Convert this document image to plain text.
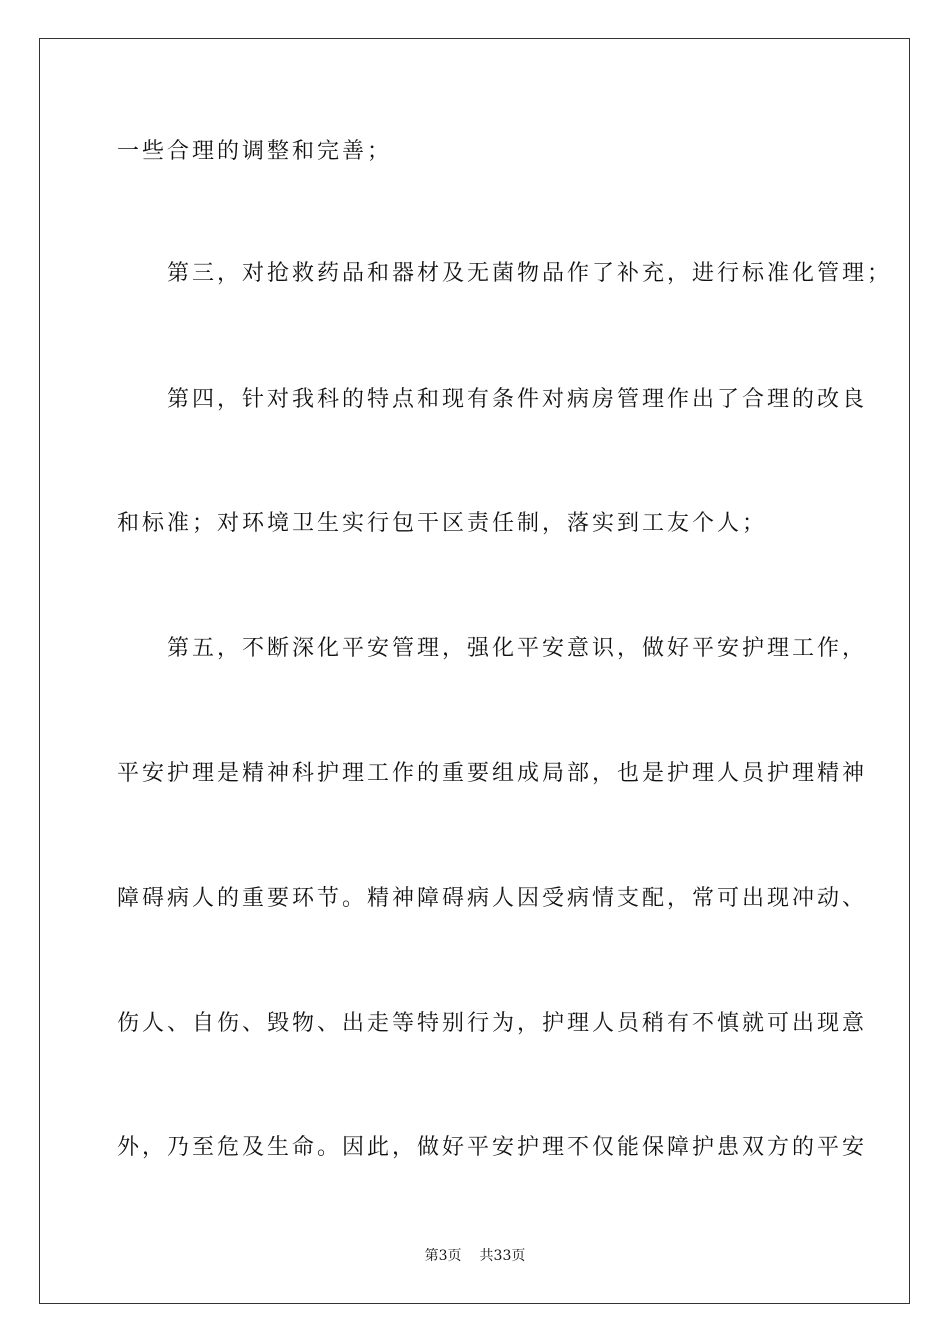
一些合理的调整和完善；
　　第三，对抢救药品和器材及无菌物品作了补充，进行标准化管理；
　　第四，针对我科的特点和现有条件对病房管理作出了合理的改良
和标准；对环境卫生实行包干区责任制，落实到工友个人；
　　第五，不断深化平安管理，强化平安意识，做好平安护理工作，
平安护理是精神科护理工作的重要组成局部，也是护理人员护理精神
障碍病人的重要环节。精神障碍病人因受病情支配，常可出现冲动、
伤人、自伤、毁物、出走等特别行为，护理人员稍有不慎就可出现意
外，乃至危及生命。因此，做好平安护理不仅能保障护患双方的平安
第3页 共33页
